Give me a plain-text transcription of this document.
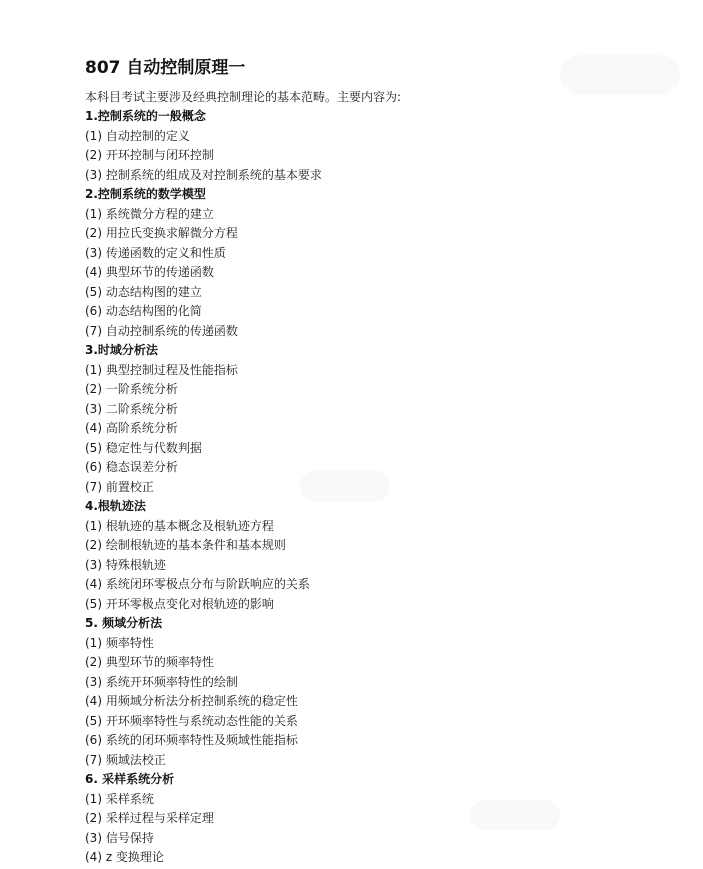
807 自动控制原理一
本科目考试主要涉及经典控制理论的基本范畴。主要内容为:
1.控制系统的一般概念
(1) 自动控制的定义
(2) 开环控制与闭环控制
(3) 控制系统的组成及对控制系统的基本要求
2.控制系统的数学模型
(1) 系统微分方程的建立
(2) 用拉氏变换求解微分方程
(3) 传递函数的定义和性质
(4) 典型环节的传递函数
(5) 动态结构图的建立
(6) 动态结构图的化简
(7) 自动控制系统的传递函数
3.时域分析法
(1) 典型控制过程及性能指标
(2) 一阶系统分析
(3) 二阶系统分析
(4) 高阶系统分析
(5) 稳定性与代数判据
(6) 稳态误差分析
(7) 前置校正
4.根轨迹法
(1) 根轨迹的基本概念及根轨迹方程
(2) 绘制根轨迹的基本条件和基本规则
(3) 特殊根轨迹
(4) 系统闭环零极点分布与阶跃响应的关系
(5) 开环零极点变化对根轨迹的影响
5. 频域分析法
(1) 频率特性
(2) 典型环节的频率特性
(3) 系统开环频率特性的绘制
(4) 用频域分析法分析控制系统的稳定性
(5) 开环频率特性与系统动态性能的关系
(6) 系统的闭环频率特性及频域性能指标
(7) 频域法校正
6. 采样系统分析
(1) 采样系统
(2) 采样过程与采样定理
(3) 信号保持
(4) z 变换理论
